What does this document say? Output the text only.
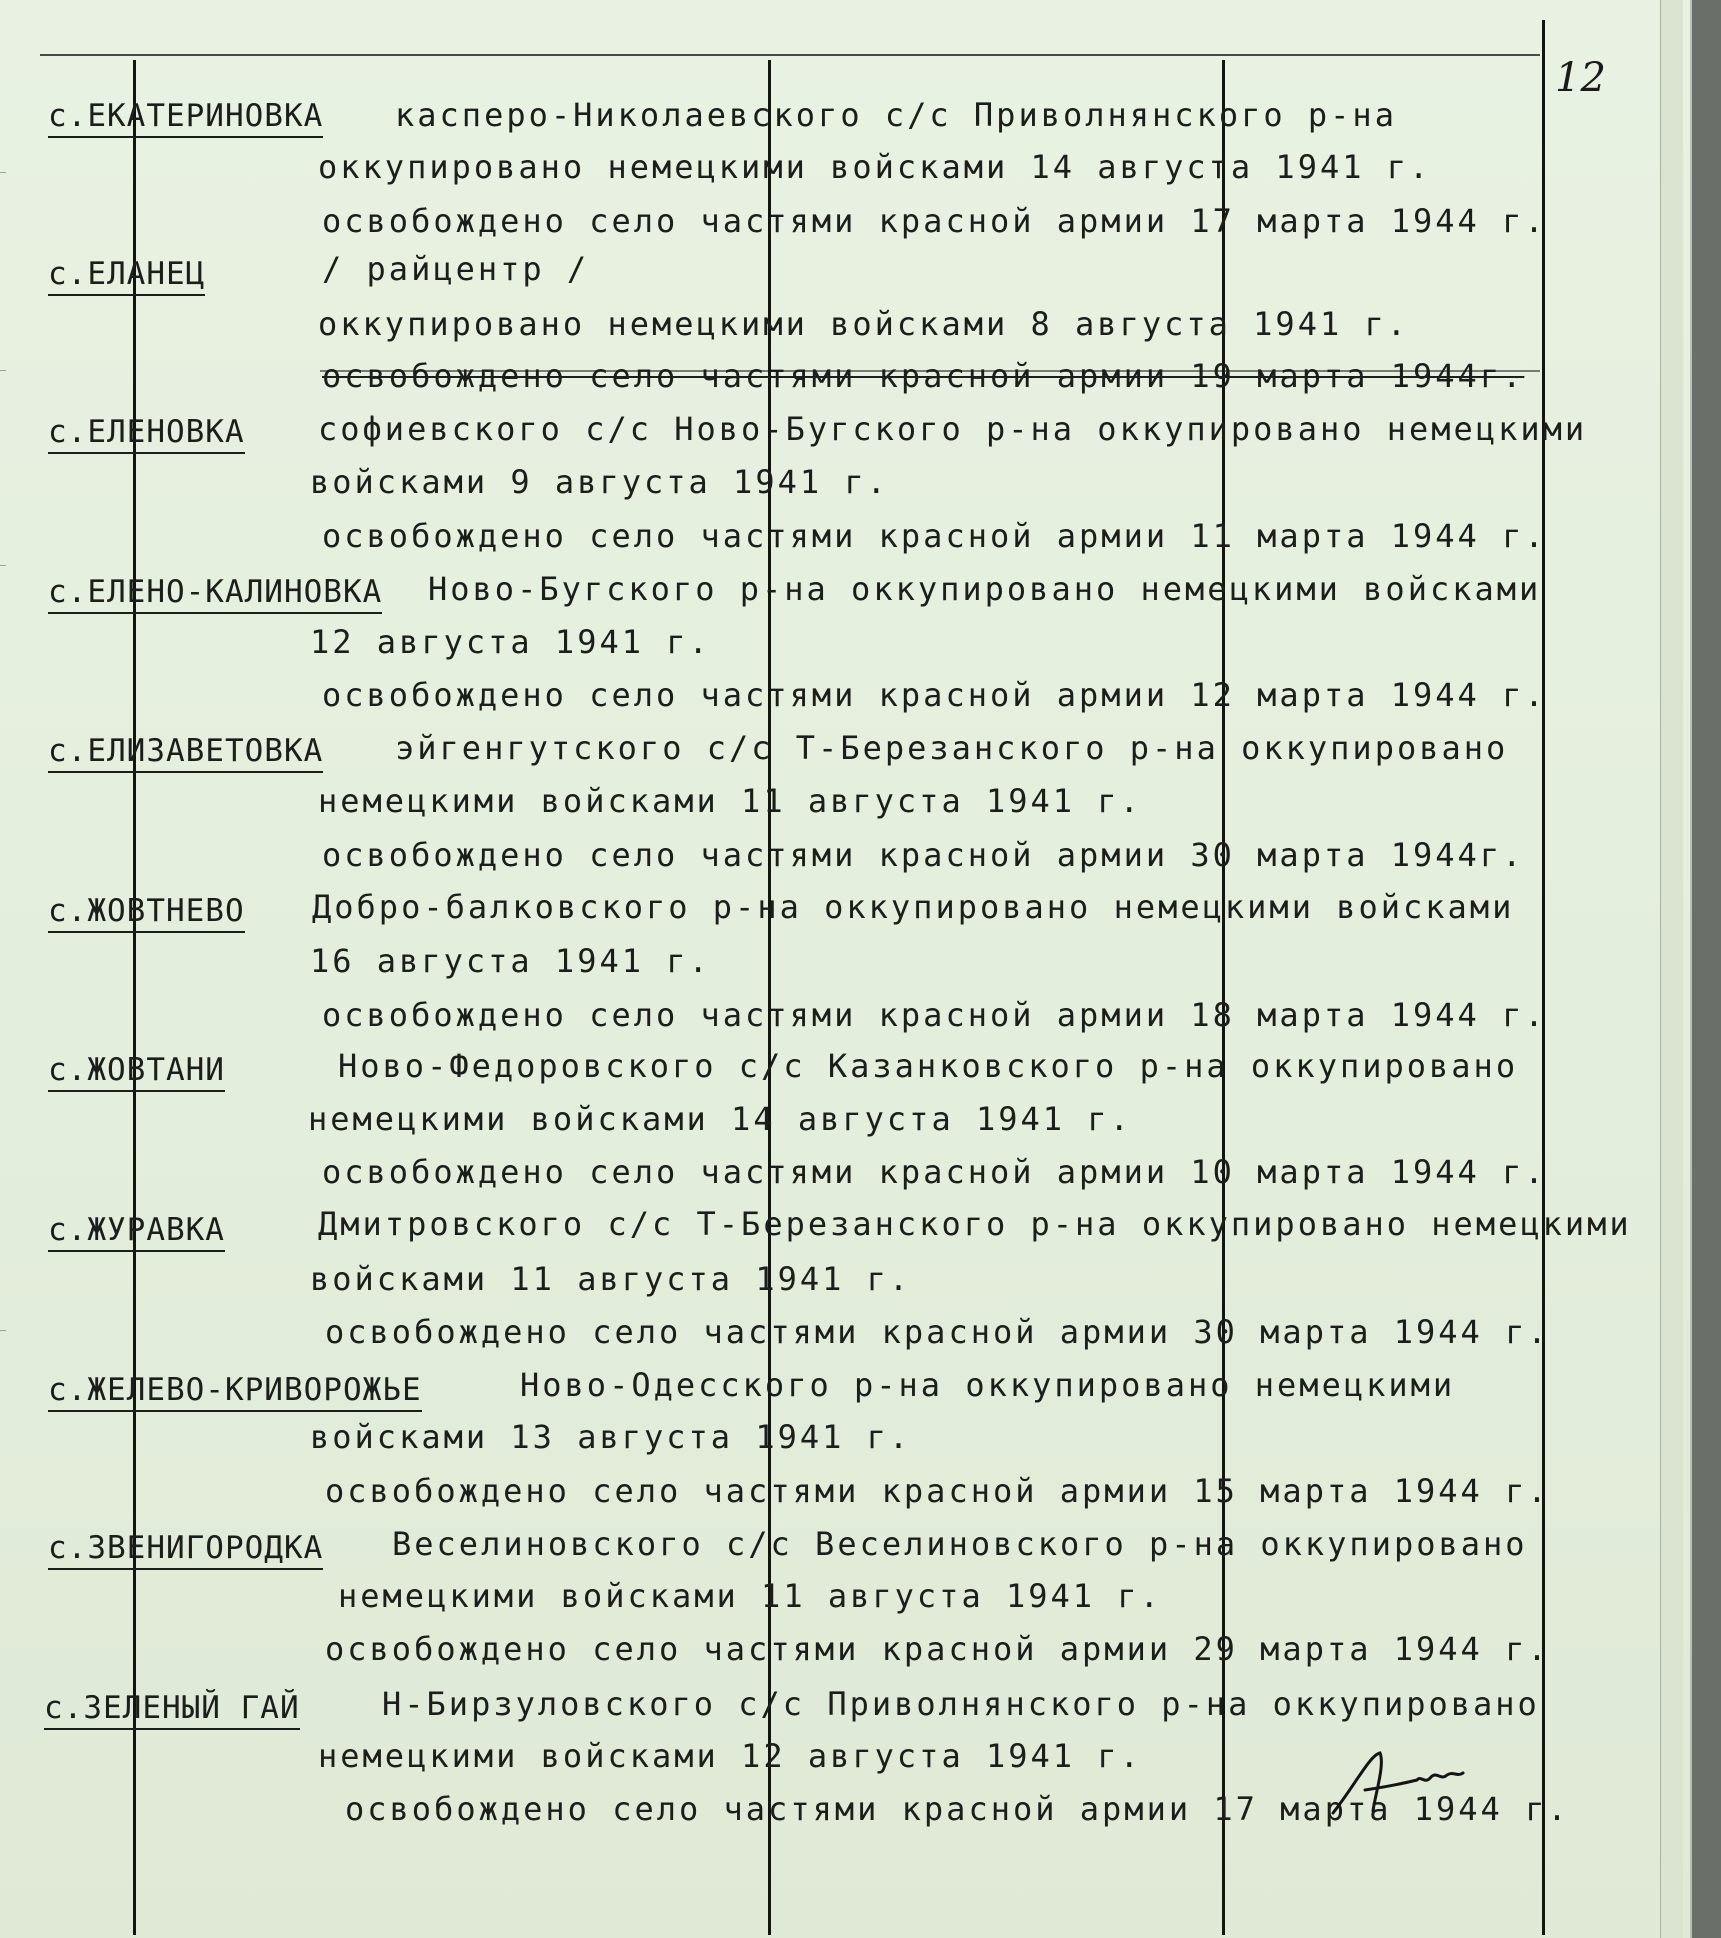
12
с.ЕКАТЕРИНОВКА касперо-Николаевского с/с Приволнянского р-на
оккупировано немецкими войсками 14 августа 1941 г.
освобождено село частями красной армии 17 марта 1944 г.
с.ЕЛАНЕЦ	/ райцентр /
оккупировано немецкими войсками 8 августа 1941 г.
освобождено село частями красной армии 19 марта 1944г.
с.ЕЛЕНОВКА софиевского с/с Ново-Бугского р-на оккупировано немецкими
войсками 9 августа 1941 г.
освобождено село частями красной армии 11 марта 1944 г.
с.ЕЛЕНО-КАЛИНОВКА Ново-Бугского р-на оккупировано немецкими войсками
12 августа 1941 г.
освобождено село частями красной армии 12 марта 1944 г.
с.ЕЛИЗАВЕТОВКА эйгенгутского с/с Т-Березанского р-на оккупировано
немецкими войсками 11 августа 1941 г.
освобождено село частями красной армии 30 марта 1944г.
с.ЖОВТНЕВО Добро-балковского р-на оккупировано немецкими войсками
16 августа 1941 г.
освобождено село частями красной армии 18 марта 1944 г.
с.ЖОВТАНИ	Ново-Федоровского с/с Казанковского р-на оккупировано
немецкими войсками 14 августа 1941 г.
освобождено село частями красной армии 10 марта 1944 г.
с.ЖУРАВКА	Дмитровского с/с Т-Березанского р-на оккупировано немецкими
войсками 11 августа 1941 г.
освобождено село частями красной армии 30 марта 1944 г.
с.ЖЕЛЕВО-КРИВОРОЖЬЕ	Ново-Одесского р-на оккупировано немецкими
войсками 13 августа 1941 г.
освобождено село частями красной армии 15 марта 1944 г.
с.ЗВЕНИГОРОДКА Веселиновского с/с Веселиновского р-на оккупировано
немецкими войсками 11 августа 1941 г.
освобождено село частями красной армии 29 марта 1944 г.
с.ЗЕЛЕНЫЙ ГАЙ	Н-Бирзуловского с/с Приволнянского р-на оккупировано
немецкими войсками 12 августа 1941 г.
освобождено село частями красной армии 17 марта 1944 г.
